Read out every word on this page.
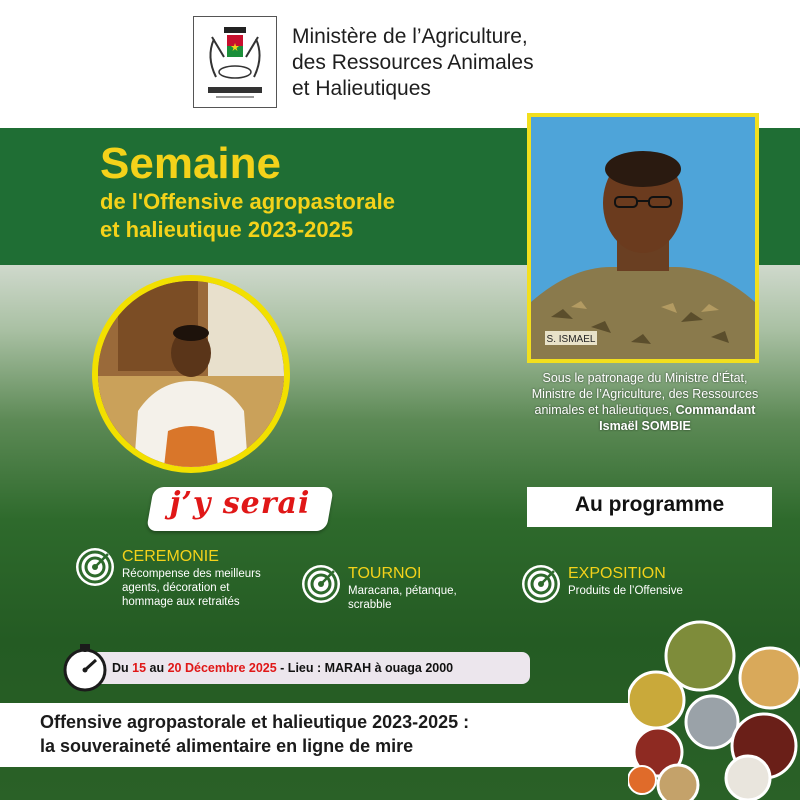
Ministère de l’Agriculture,
des Ressources Animales
et Halieutiques
Semaine
de l'Offensive agropastorale
et halieutique 2023-2025
S. ISMAEL
Sous le patronage du Ministre d’État,
Ministre de l’Agriculture, des Ressources
animales et halieutiques, Commandant
Ismaël SOMBIE
j’y serai	Au programme
CEREMONIE
Récompense des meilleurs
agents, décoration et
hommage aux retraités
TOURNOI
Maracana, pétanque,
scrabble
EXPOSITION
Produits de l’Offensive
Du 15 au 20 Décembre 2025 - Lieu : MARAH à ouaga 2000
Offensive agropastorale et halieutique 2023-2025 :
la souveraineté alimentaire en ligne de mire
